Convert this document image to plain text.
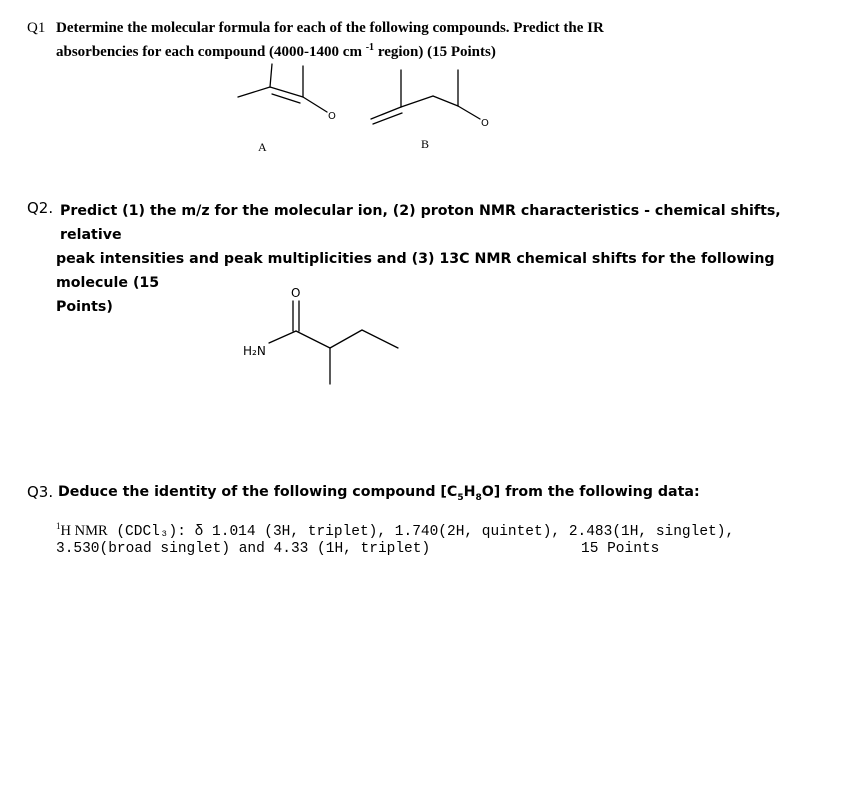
Q1 Determine the molecular formula for each of the following compounds. Predict the IR
absorbencies for each compound (4000-1400 cm $^{-1}$ region) (15 Points)
O
O
O
H₂N
A	B
Q2. Predict (1) the m/z for the molecular ion, (2) proton NMR characteristics - chemical shifts, relative
peak intensities and peak multiplicities and (3) 13C NMR chemical shifts for the following molecule (15
Points)
Q3. Deduce the identity of the following compound $[C_5H_8O]$ from the following data:
$^1$H NMR (CDCl₃): δ 1.014 (3H, triplet), 1.740(2H, quintet), 2.483(1H, singlet),
3.530(broad singlet) and 4.33 (1H, triplet)	15 Points
